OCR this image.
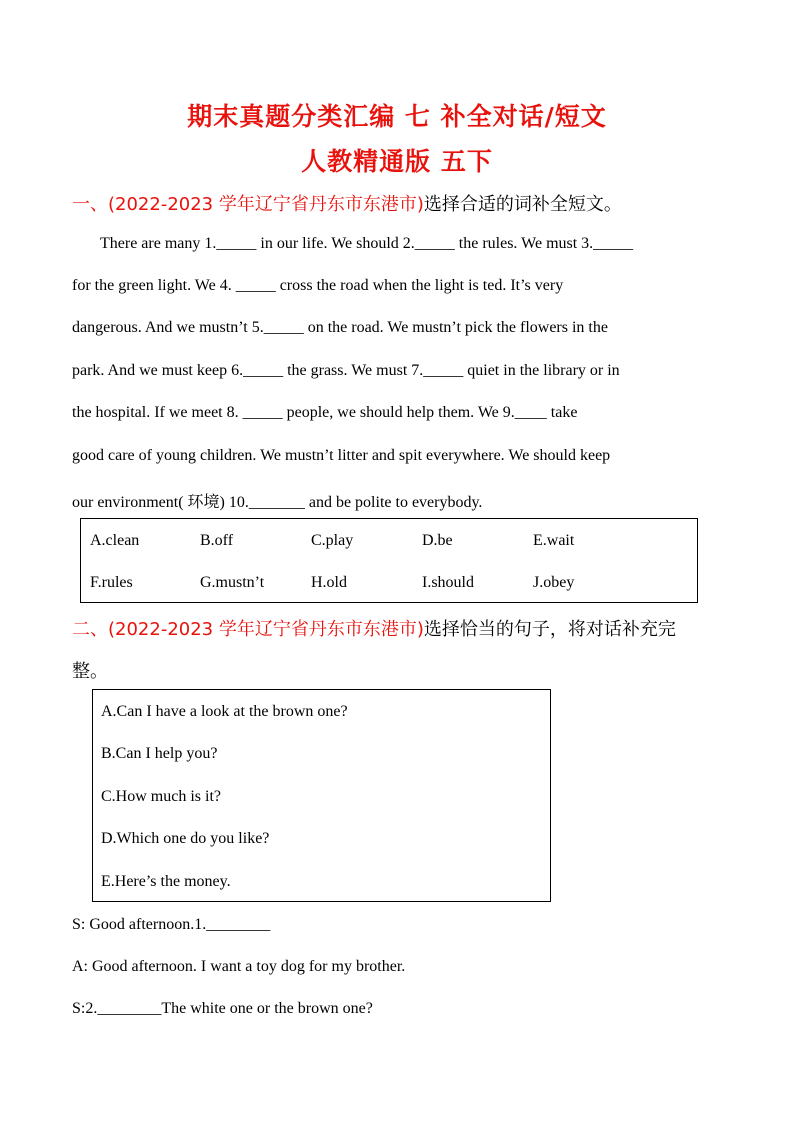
期末真题分类汇编 七 补全对话/短文
人教精通版 五下
一、(2022-2023 学年辽宁省丹东市东港市)选择合适的词补全短文。
There are many 1._____ in our life. We should 2._____ the rules. We must 3._____
for the green light. We 4. _____ cross the road when the light is ted. It’s very
dangerous. And we mustn’t 5._____ on the road. We mustn’t pick the flowers in the
park. And we must keep 6._____ the grass. We must 7._____ quiet in the library or in
the hospital. If we meet 8. _____ people, we should help them. We 9.____ take
good care of young children. We mustn’t litter and spit everywhere. We should keep
our environment( 环境) 10._______ and be polite to everybody.
A.clean	B.off	C.play	D.be	E.wait
F.rules	G.mustn’t	H.old	I.should	J.obey
二、(2022-2023 学年辽宁省丹东市东港市)选择恰当的句子，将对话补充完
整。
A.Can I have a look at the brown one?
B.Can I help you?
C.How much is it?
D.Which one do you like?
E.Here’s the money.
S: Good afternoon.1.________
A: Good afternoon. I want a toy dog for my brother.
S:2.________The white one or the brown one?
